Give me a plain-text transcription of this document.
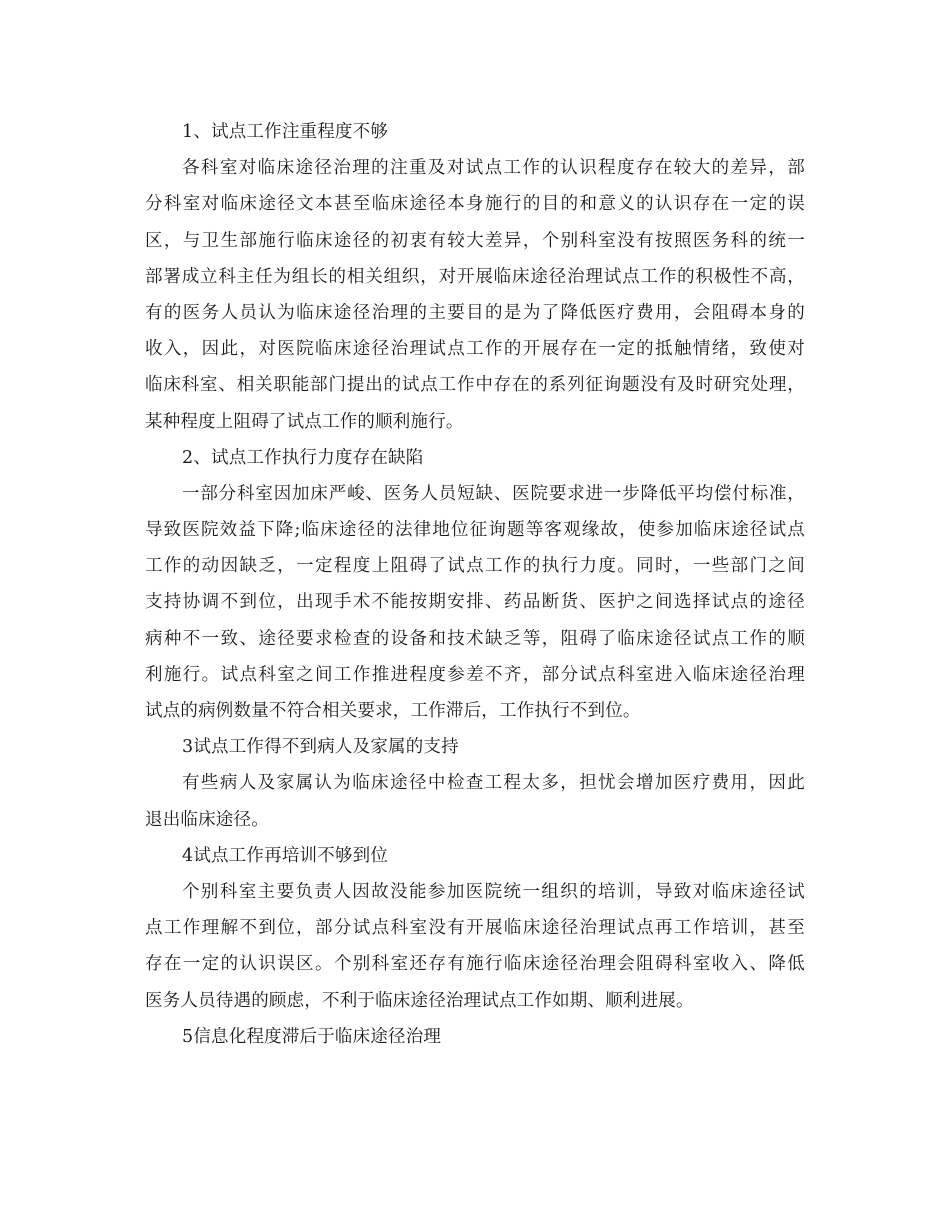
1、试点工作注重程度不够
各科室对临床途径治理的注重及对试点工作的认识程度存在较大的差异，部
分科室对临床途径文本甚至临床途径本身施行的目的和意义的认识存在一定的误
区，与卫生部施行临床途径的初衷有较大差异，个别科室没有按照医务科的统一
部署成立科主任为组长的相关组织，对开展临床途径治理试点工作的积极性不高，
有的医务人员认为临床途径治理的主要目的是为了降低医疗费用，会阻碍本身的
收入，因此，对医院临床途径治理试点工作的开展存在一定的抵触情绪，致使对
临床科室、相关职能部门提出的试点工作中存在的系列征询题没有及时研究处理，
某种程度上阻碍了试点工作的顺利施行。
2、试点工作执行力度存在缺陷
一部分科室因加床严峻、医务人员短缺、医院要求进一步降低平均偿付标准，
导致医院效益下降;临床途径的法律地位征询题等客观缘故，使参加临床途径试点
工作的动因缺乏，一定程度上阻碍了试点工作的执行力度。同时，一些部门之间
支持协调不到位，出现手术不能按期安排、药品断货、医护之间选择试点的途径
病种不一致、途径要求检查的设备和技术缺乏等，阻碍了临床途径试点工作的顺
利施行。试点科室之间工作推进程度参差不齐，部分试点科室进入临床途径治理
试点的病例数量不符合相关要求，工作滞后，工作执行不到位。
3试点工作得不到病人及家属的支持
有些病人及家属认为临床途径中检查工程太多，担忧会增加医疗费用，因此
退出临床途径。
4试点工作再培训不够到位
个别科室主要负责人因故没能参加医院统一组织的培训，导致对临床途径试
点工作理解不到位，部分试点科室没有开展临床途径治理试点再工作培训，甚至
存在一定的认识误区。个别科室还存有施行临床途径治理会阻碍科室收入、降低
医务人员待遇的顾虑，不利于临床途径治理试点工作如期、顺利进展。
5信息化程度滞后于临床途径治理
